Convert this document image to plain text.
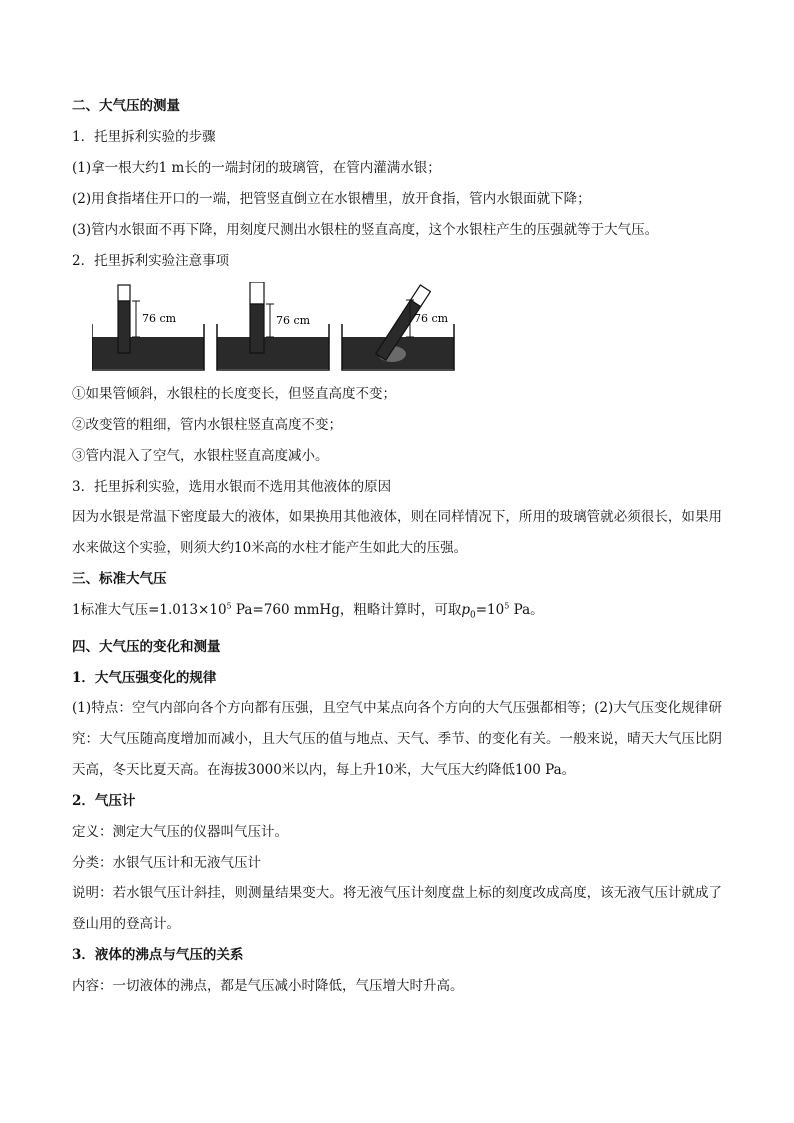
二、大气压的测量
1．托里拆利实验的步骤
(1)拿一根大约1 m长的一端封闭的玻璃管，在管内灌满水银；
(2)用食指堵住开口的一端，把管竖直倒立在水银槽里，放开食指，管内水银面就下降；
(3)管内水银面不再下降，用刻度尺测出水银柱的竖直高度，这个水银柱产生的压强就等于大气压。
2．托里拆利实验注意事项
76 cm	76 cm	76 cm
①如果管倾斜，水银柱的长度变长，但竖直高度不变；
②改变管的粗细，管内水银柱竖直高度不变；
③管内混入了空气，水银柱竖直高度减小。
3．托里拆利实验，选用水银而不选用其他液体的原因
因为水银是常温下密度最大的液体，如果换用其他液体，则在同样情况下，所用的玻璃管就必须很长，如果用水来做这个实验，则须大约10米高的水柱才能产生如此大的压强。
三、标准大气压
1标准大气压$=1.013\times 10^5$ Pa=760 mmHg，粗略计算时，可取$p_0=10^5$ Pa。
四、大气压的变化和测量
1．大气压强变化的规律
(1)特点：空气内部向各个方向都有压强，且空气中某点向各个方向的大气压强都相等；(2)大气压变化规律研究：大气压随高度增加而减小，且大气压的值与地点、天气、季节、的变化有关。一般来说，晴天大气压比阴天高，冬天比夏天高。在海拔3000米以内，每上升10米，大气压大约降低100 Pa。
2．气压计
定义：测定大气压的仪器叫气压计。
分类：水银气压计和无液气压计
说明：若水银气压计斜挂，则测量结果变大。将无液气压计刻度盘上标的刻度改成高度，该无液气压计就成了登山用的登高计。
3．液体的沸点与气压的关系
内容：一切液体的沸点，都是气压减小时降低，气压增大时升高。
